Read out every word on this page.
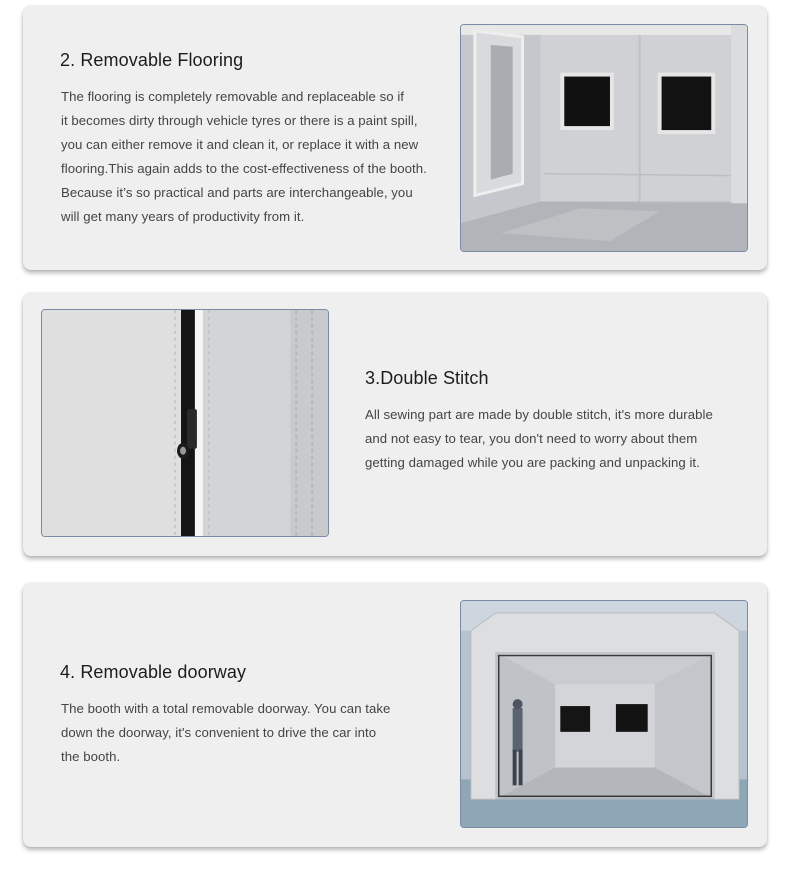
2. Removable Flooring
The flooring is completely removable and replaceable so if
it becomes dirty through vehicle tyres or there is a paint spill,
you can either remove it and clean it, or replace it with a new
flooring.This again adds to the cost-effectiveness of the booth.
Because it’s so practical and parts are interchangeable, you
will get many years of productivity from it.
3.Double Stitch
All sewing part are made by double stitch, it's more durable
and not easy to tear, you don't need to worry about them
getting damaged while you are packing and unpacking it.
4. Removable doorway
The booth with a total removable doorway. You can take
down the doorway, it's convenient to drive the car into
the booth.
